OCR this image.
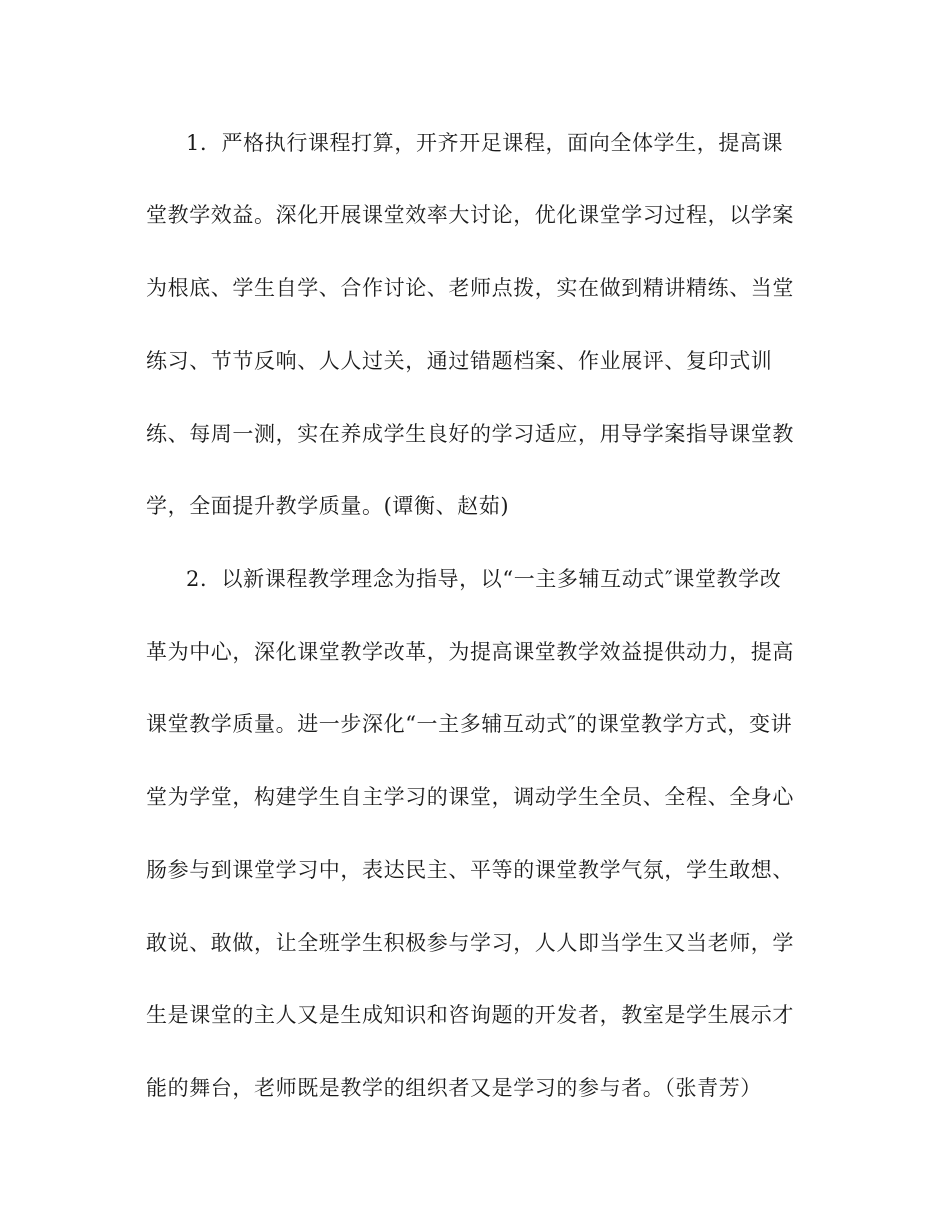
1．严格执行课程打算，开齐开足课程，面向全体学生，提高课
堂教学效益。深化开展课堂效率大讨论，优化课堂学习过程，以学案
为根底、学生自学、合作讨论、老师点拨，实在做到精讲精练、当堂
练习、节节反响、人人过关，通过错题档案、作业展评、复印式训
练、每周一测，实在养成学生良好的学习适应，用导学案指导课堂教
学，全面提升教学质量。(谭衡、赵茹)
2．以新课程教学理念为指导，以“一主多辅互动式″课堂教学改
革为中心，深化课堂教学改革，为提高课堂教学效益提供动力，提高
课堂教学质量。进一步深化“一主多辅互动式″的课堂教学方式，变讲
堂为学堂，构建学生自主学习的课堂，调动学生全员、全程、全身心
肠参与到课堂学习中，表达民主、平等的课堂教学气氛，学生敢想、
敢说、敢做，让全班学生积极参与学习，人人即当学生又当老师，学
生是课堂的主人又是生成知识和咨询题的开发者，教室是学生展示才
能的舞台，老师既是教学的组织者又是学习的参与者。（张青芳）
